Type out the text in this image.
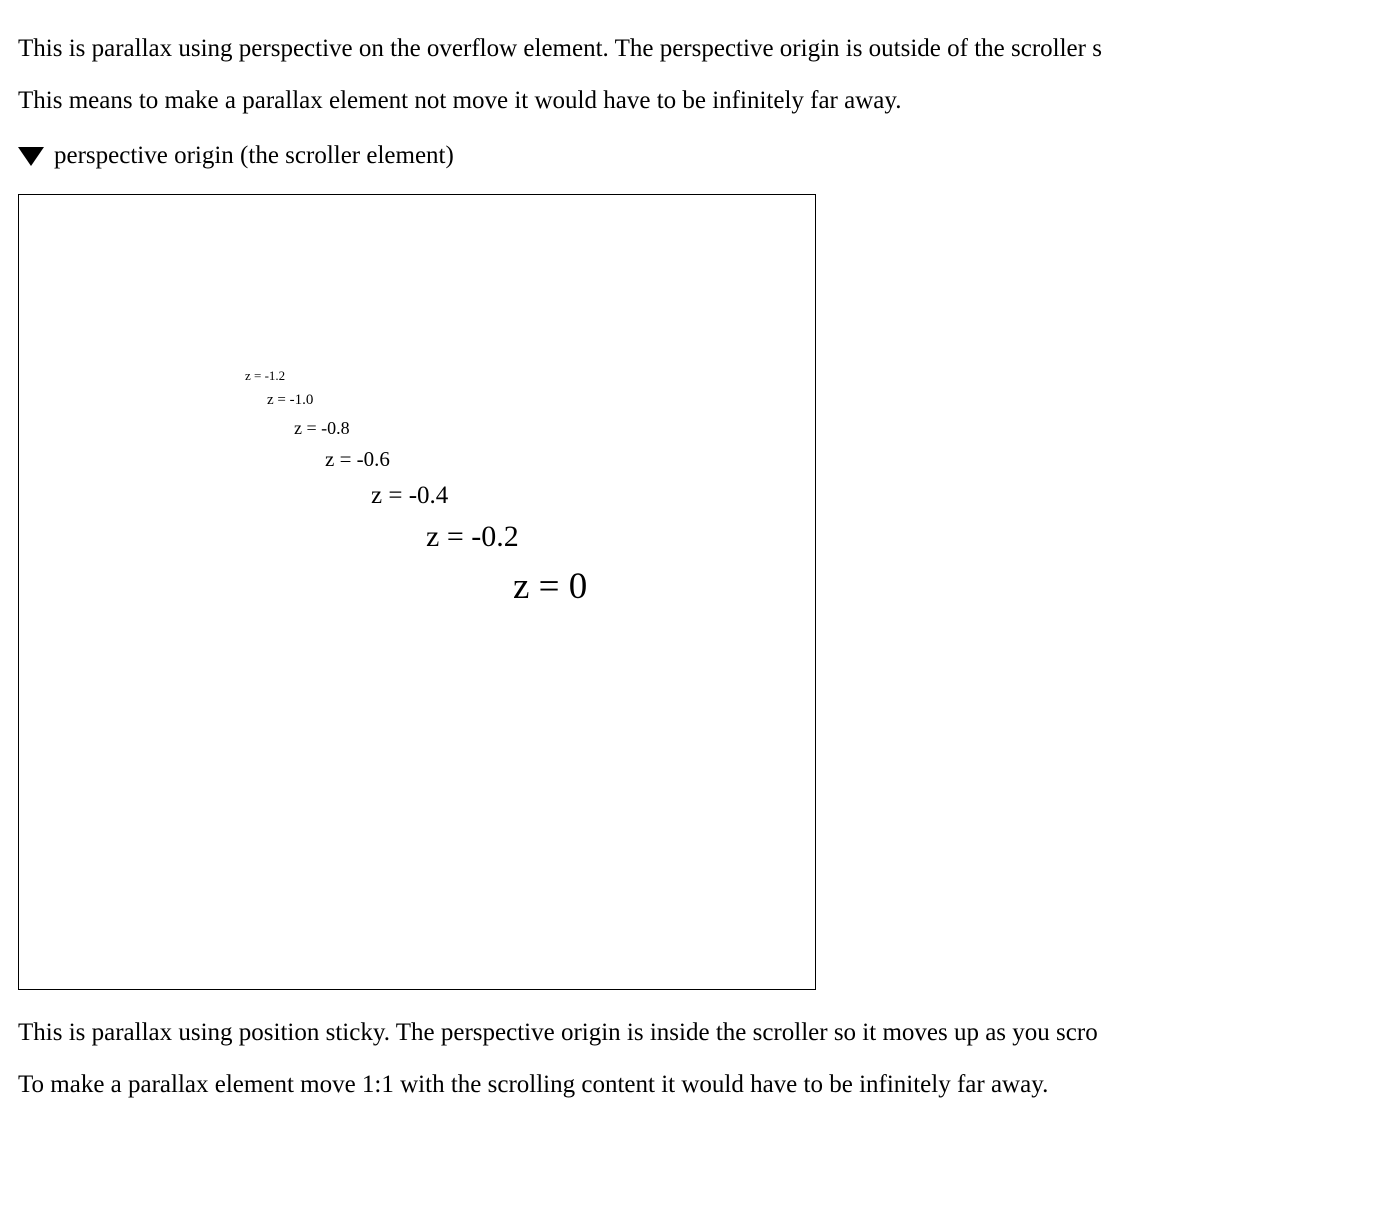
This is parallax using perspective on the overflow element. The perspective origin is outside of the scroller s

This means to make a parallax element not move it would have to be infinitely far away.

perspective origin (the scroller element)
z = -1.2
z = -1.0
z = -0.8
z = -0.6
z = -0.4
z = -0.2
z = 0

This is parallax using position sticky. The perspective origin is inside the scroller so it moves up as you scro

To make a parallax element move 1:1 with the scrolling content it would have to be infinitely far away.
